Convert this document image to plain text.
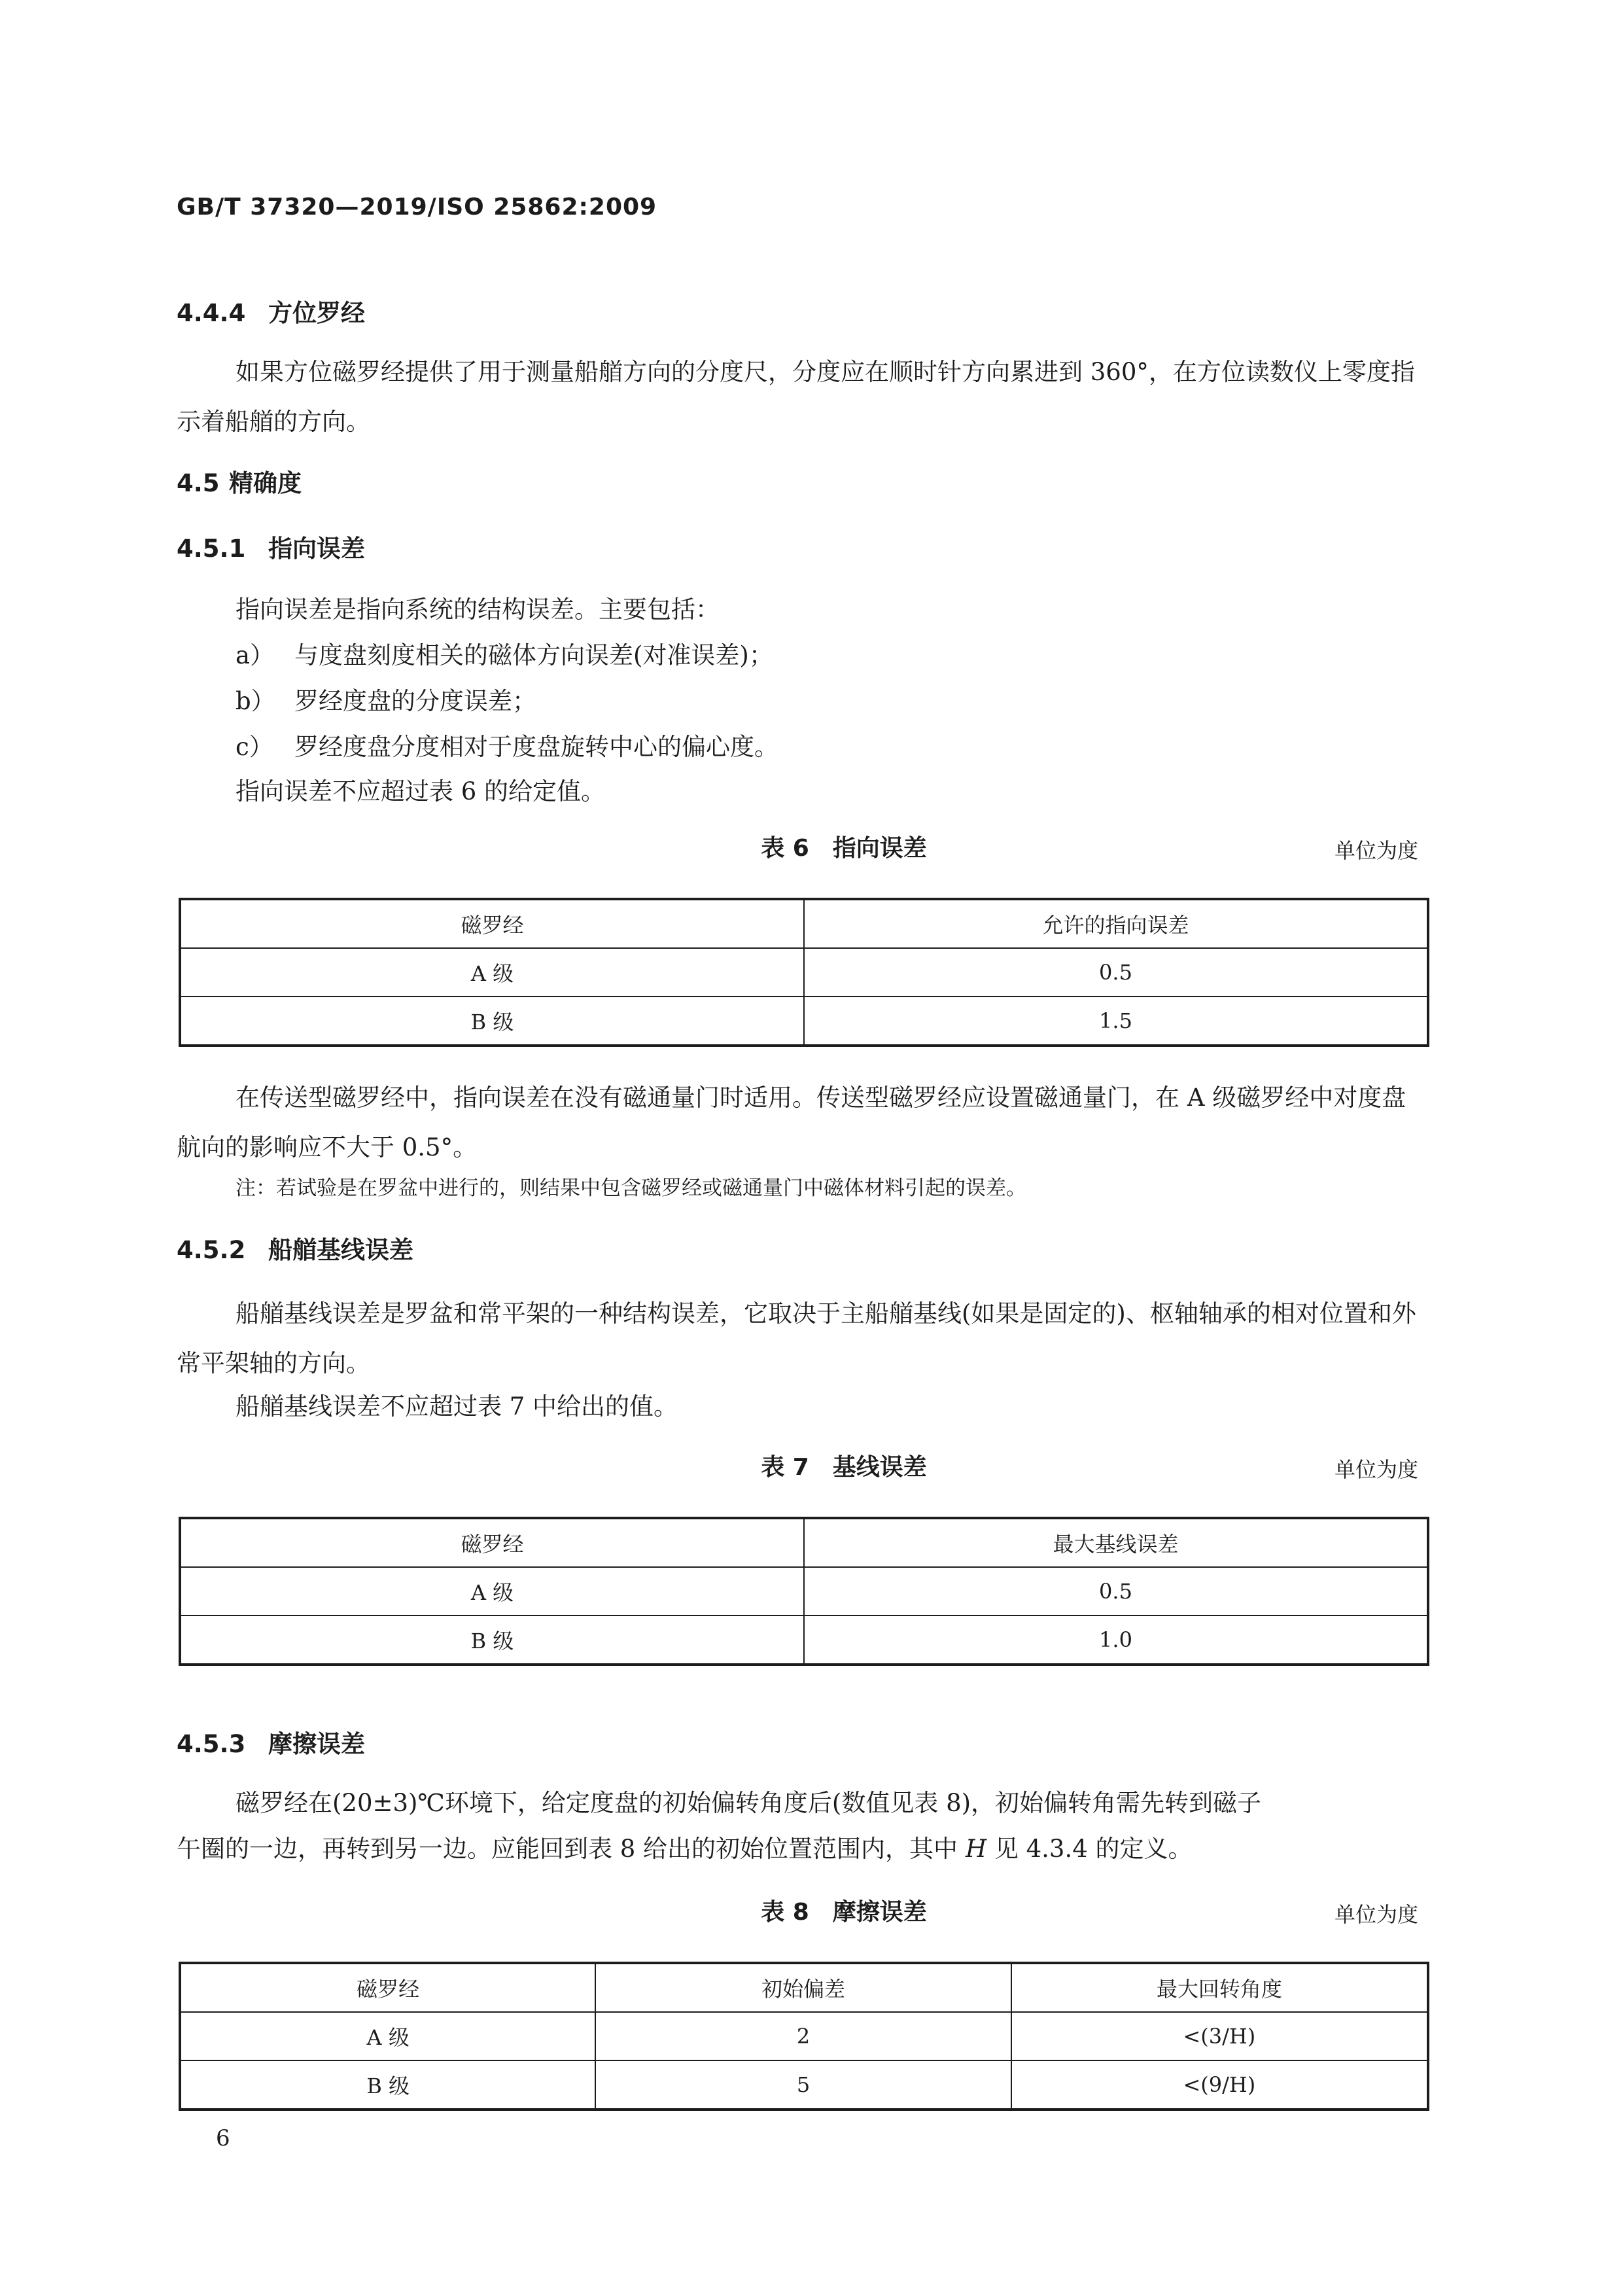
GB/T 37320—2019/ISO 25862:2009
4.4.4 方位罗经
如果方位磁罗经提供了用于测量船艏方向的分度尺，分度应在顺时针方向累进到 360°，在方位读数仪上零度指示着船艏的方向。
4.5 精确度
4.5.1 指向误差
指向误差是指向系统的结构误差。主要包括：
a） 与度盘刻度相关的磁体方向误差(对准误差)；
b） 罗经度盘的分度误差；
c） 罗经度盘分度相对于度盘旋转中心的偏心度。
指向误差不应超过表 6 的给定值。
表 6　指向误差	单位为度
磁罗经	允许的指向误差
A 级	0.5
B 级	1.5
在传送型磁罗经中，指向误差在没有磁通量门时适用。传送型磁罗经应设置磁通量门，在 A 级磁罗经中对度盘航向的影响应不大于 0.5°。
注：若试验是在罗盆中进行的，则结果中包含磁罗经或磁通量门中磁体材料引起的误差。
4.5.2 船艏基线误差
船艏基线误差是罗盆和常平架的一种结构误差，它取决于主船艏基线(如果是固定的)、枢轴轴承的相对位置和外常平架轴的方向。
船艏基线误差不应超过表 7 中给出的值。
表 7　基线误差	单位为度
磁罗经	最大基线误差
A 级	0.5
B 级	1.0
4.5.3 摩擦误差
磁罗经在(20±3)℃环境下，给定度盘的初始偏转角度后(数值见表 8)，初始偏转角需先转到磁子
午圈的一边，再转到另一边。应能回到表 8 给出的初始位置范围内，其中 H 见 4.3.4 的定义。
表 8　摩擦误差	单位为度
磁罗经	初始偏差	最大回转角度
A 级	2	<(3/H)
B 级	5	<(9/H)
6
